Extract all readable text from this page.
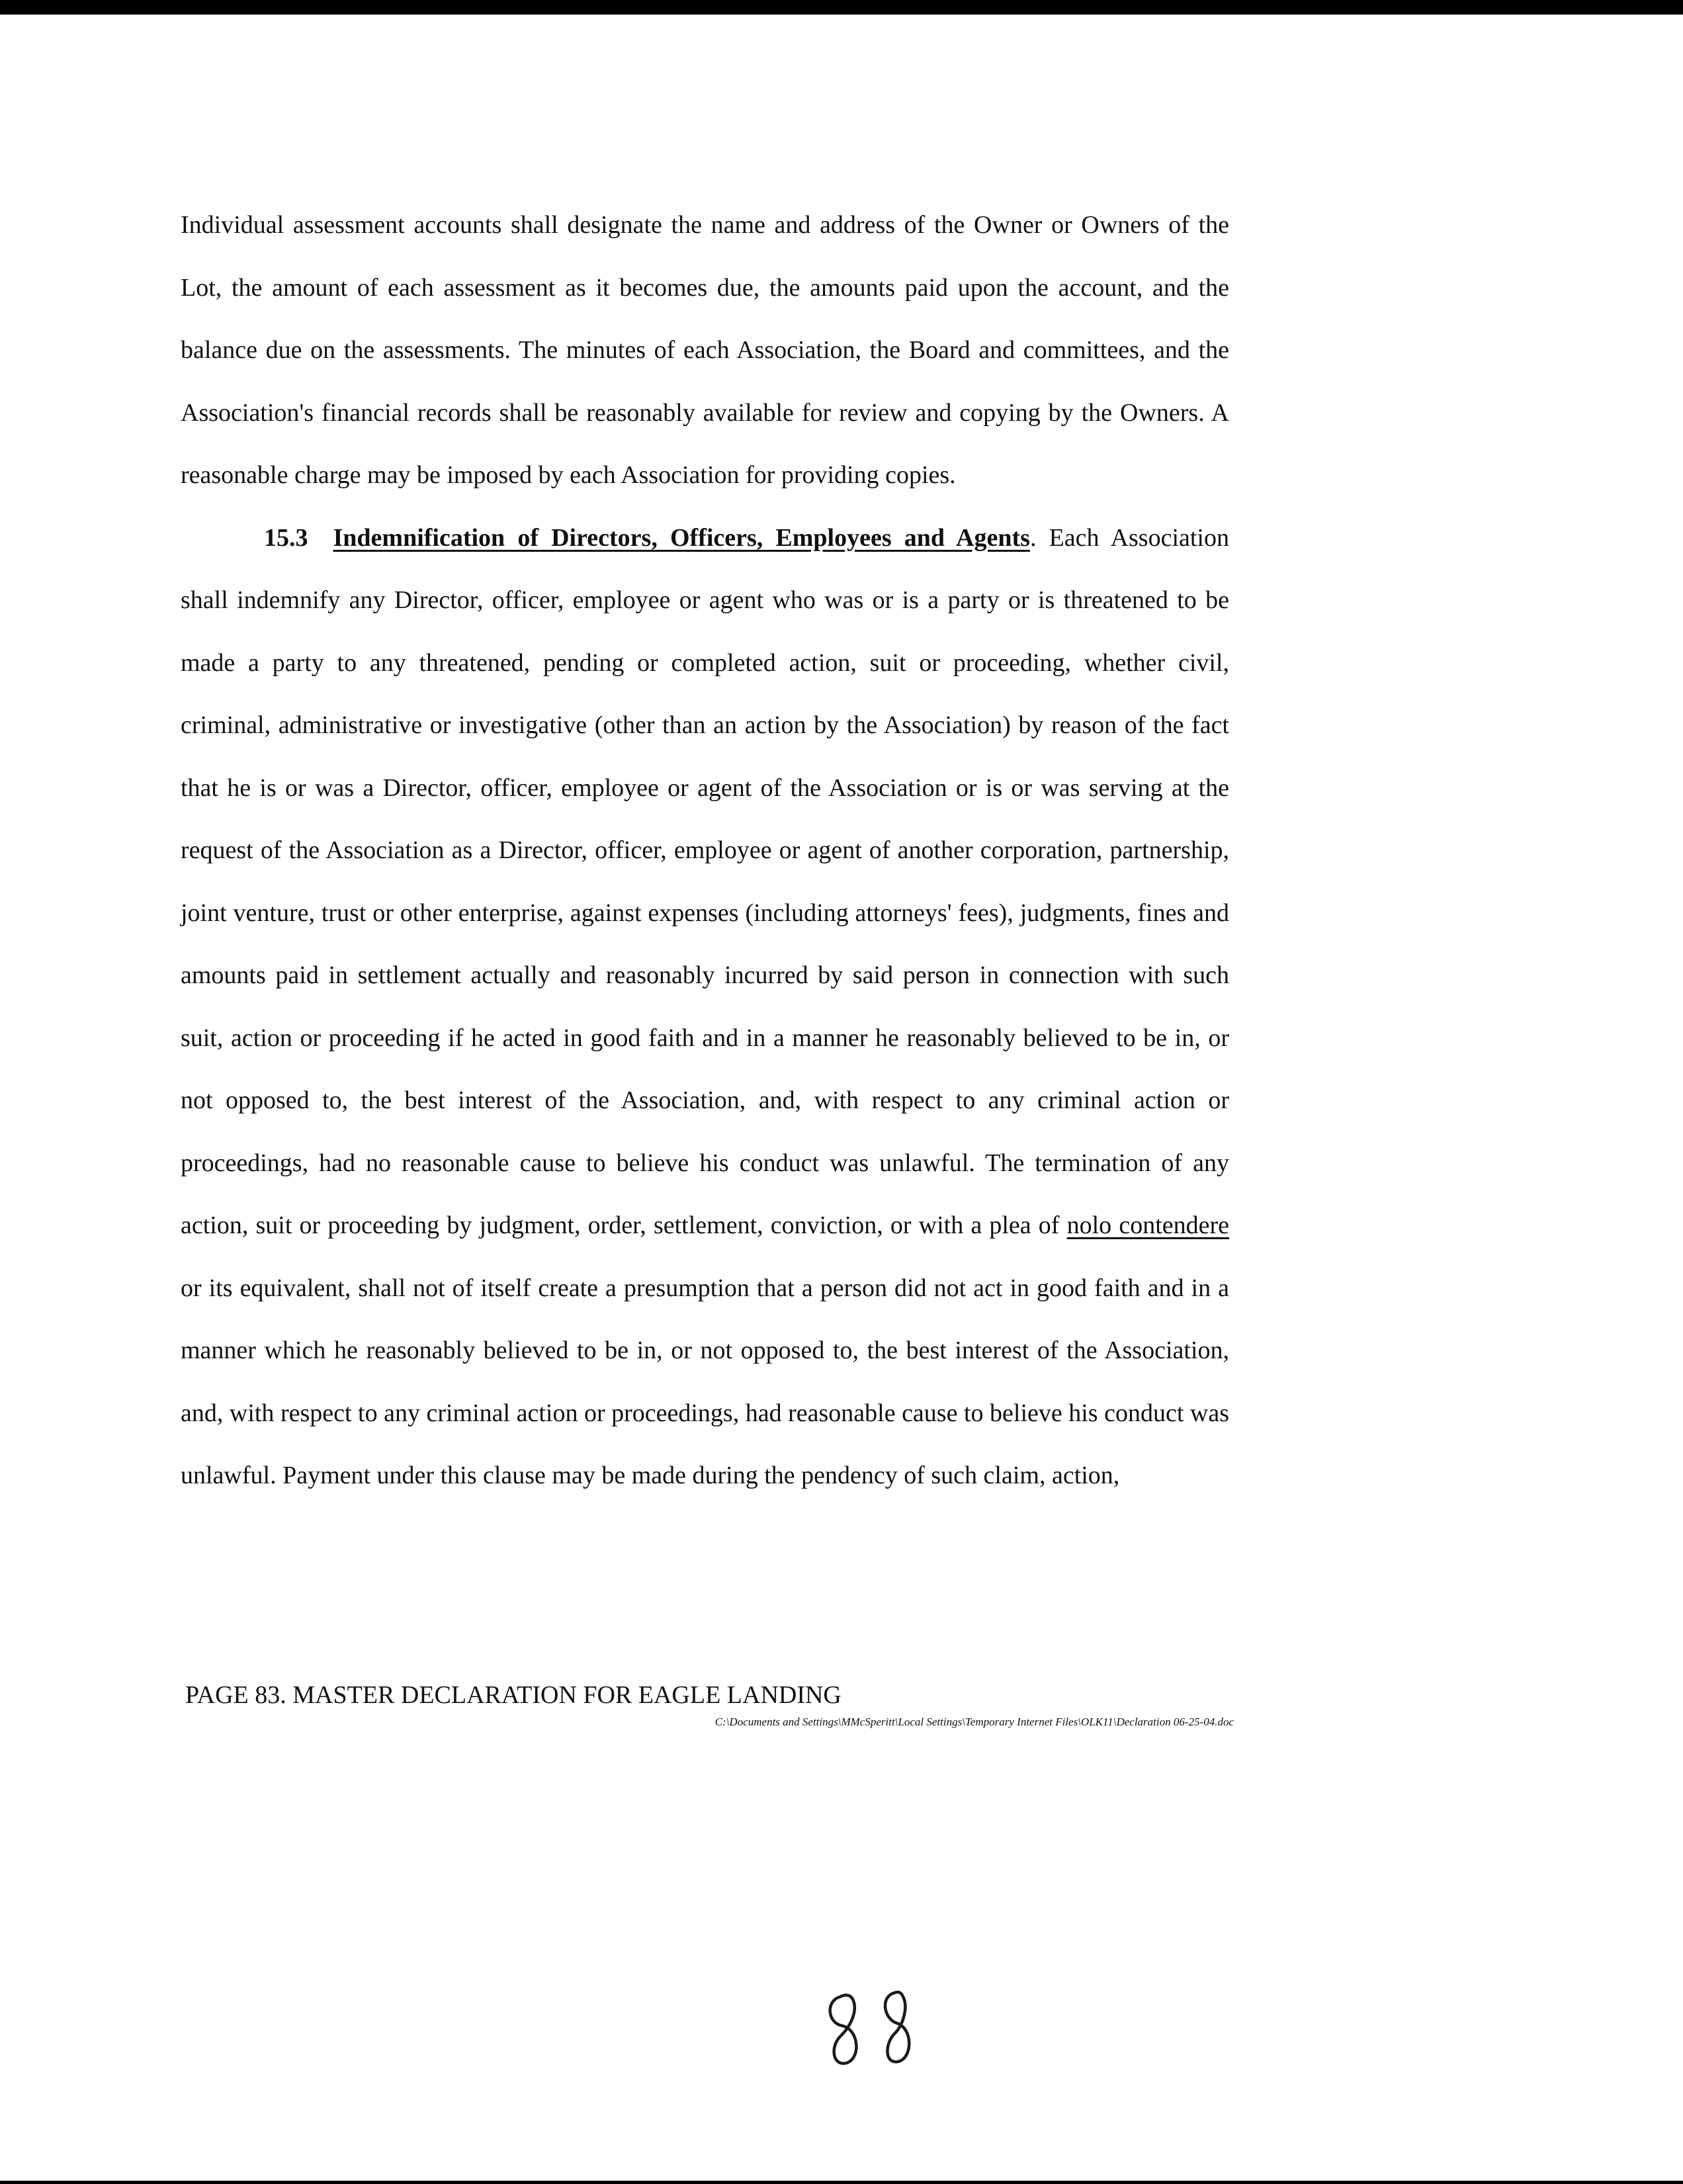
Individual assessment accounts shall designate the name and address of the Owner or Owners of the Lot, the amount of each assessment as it becomes due, the amounts paid upon the account, and the balance due on the assessments. The minutes of each Association, the Board and committees, and the Association's financial records shall be reasonably available for review and copying by the Owners. A reasonable charge may be imposed by each Association for providing copies.

15.3 Indemnification of Directors, Officers, Employees and Agents. Each Association shall indemnify any Director, officer, employee or agent who was or is a party or is threatened to be made a party to any threatened, pending or completed action, suit or proceeding, whether civil, criminal, administrative or investigative (other than an action by the Association) by reason of the fact that he is or was a Director, officer, employee or agent of the Association or is or was serving at the request of the Association as a Director, officer, employee or agent of another corporation, partnership, joint venture, trust or other enterprise, against expenses (including attorneys' fees), judgments, fines and amounts paid in settlement actually and reasonably incurred by said person in connection with such suit, action or proceeding if he acted in good faith and in a manner he reasonably believed to be in, or not opposed to, the best interest of the Association, and, with respect to any criminal action or proceedings, had no reasonable cause to believe his conduct was unlawful. The termination of any action, suit or proceeding by judgment, order, settlement, conviction, or with a plea of nolo contendere or its equivalent, shall not of itself create a presumption that a person did not act in good faith and in a manner which he reasonably believed to be in, or not opposed to, the best interest of the Association, and, with respect to any criminal action or proceedings, had reasonable cause to believe his conduct was unlawful. Payment under this clause may be made during the pendency of such claim, action,

PAGE 83. MASTER DECLARATION FOR EAGLE LANDING
C:\Documents and Settings\MMcSperitt\Local Settings\Temporary Internet Files\OLK11\Declaration 06-25-04.doc
